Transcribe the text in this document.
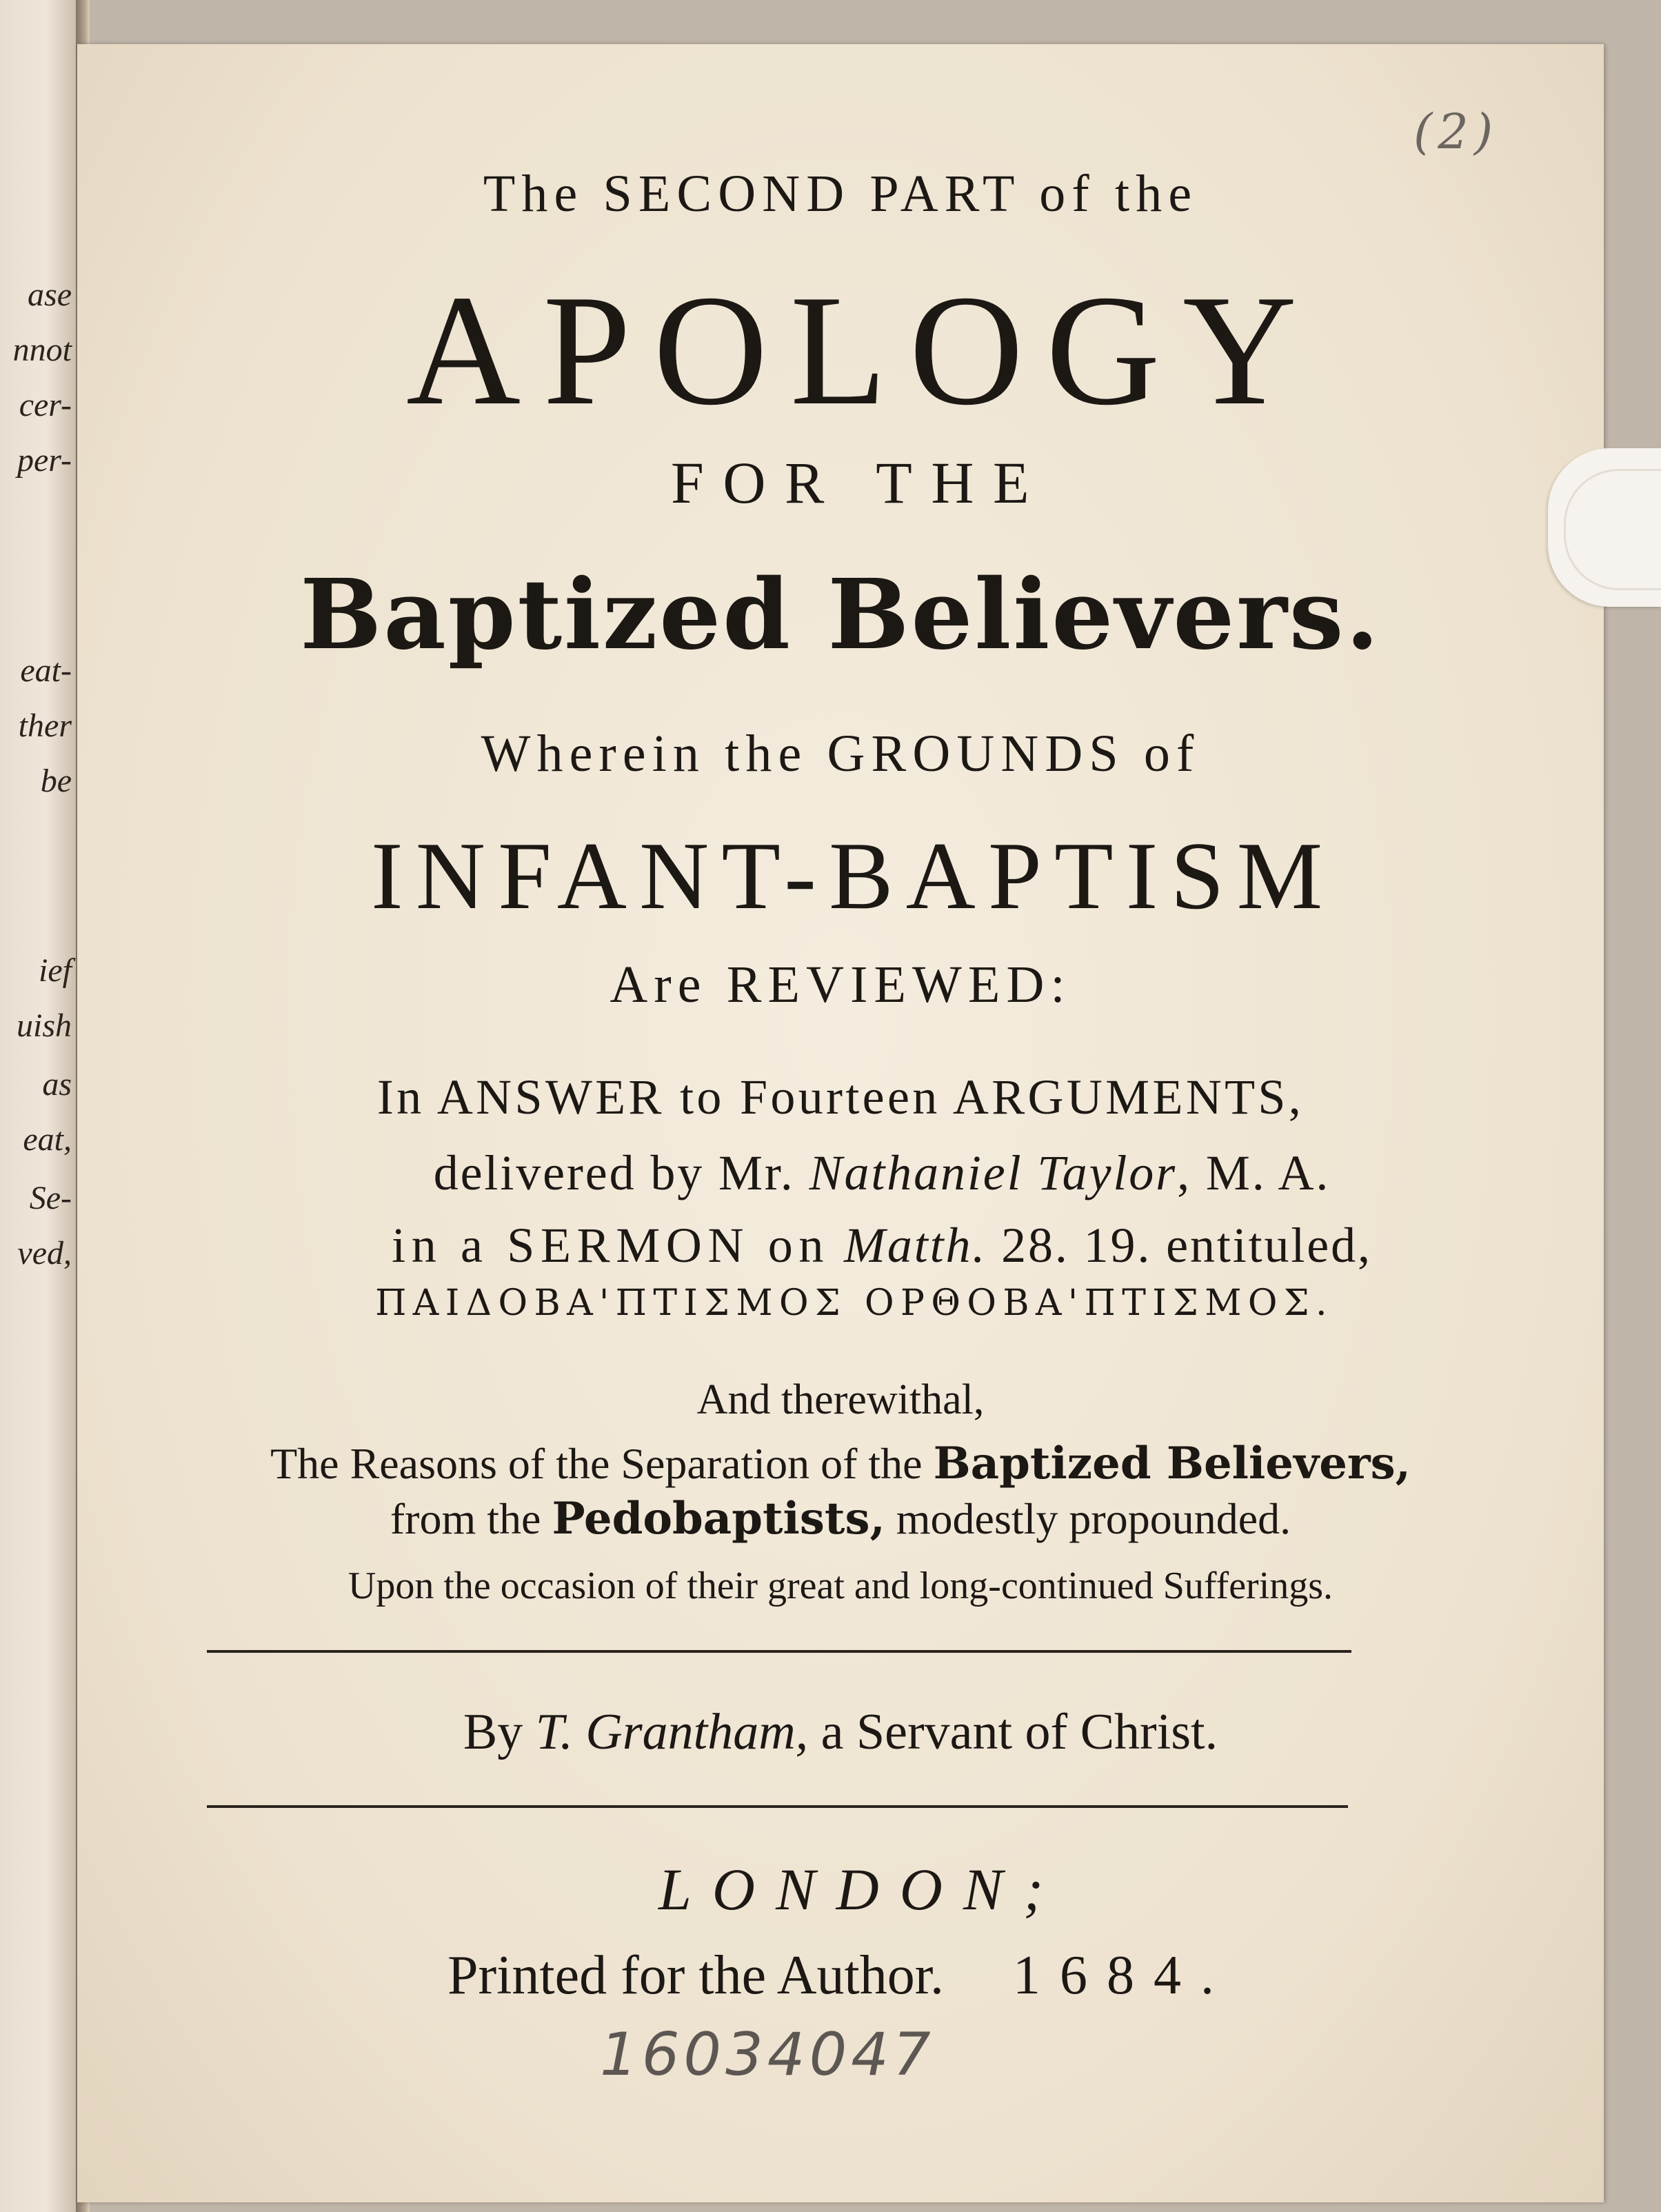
ase
nnot
cer-
per-
eat-
ther
be
ief
uish
as
eat,
Se-
ved,
(2)
The SECOND PART of the
APOLOGY
FOR THE
Baptized Believers.
Wherein the GROUNDS of
INFANT-BAPTISM
Are REVIEWED:
In ANSWER to Fourteen ARGUMENTS,
delivered by Mr. Nathaniel Taylor, M. A.
in a SERMON on Matth. 28. 19. entituled,
ΠΑΙΔΟΒΑ'ΠΤΙΣΜΟΣ ΟΡΘΟΒΑ'ΠΤΙΣΜΟΣ.
And therewithal,
The Reasons of the Separation of the Baptized Believers,
from the Pedobaptists, modestly propounded.
Upon the occasion of their great and long-continued Sufferings.
By T. Grantham, a Servant of Christ.
LONDON;
Printed for the Author. 1684.
16034047
